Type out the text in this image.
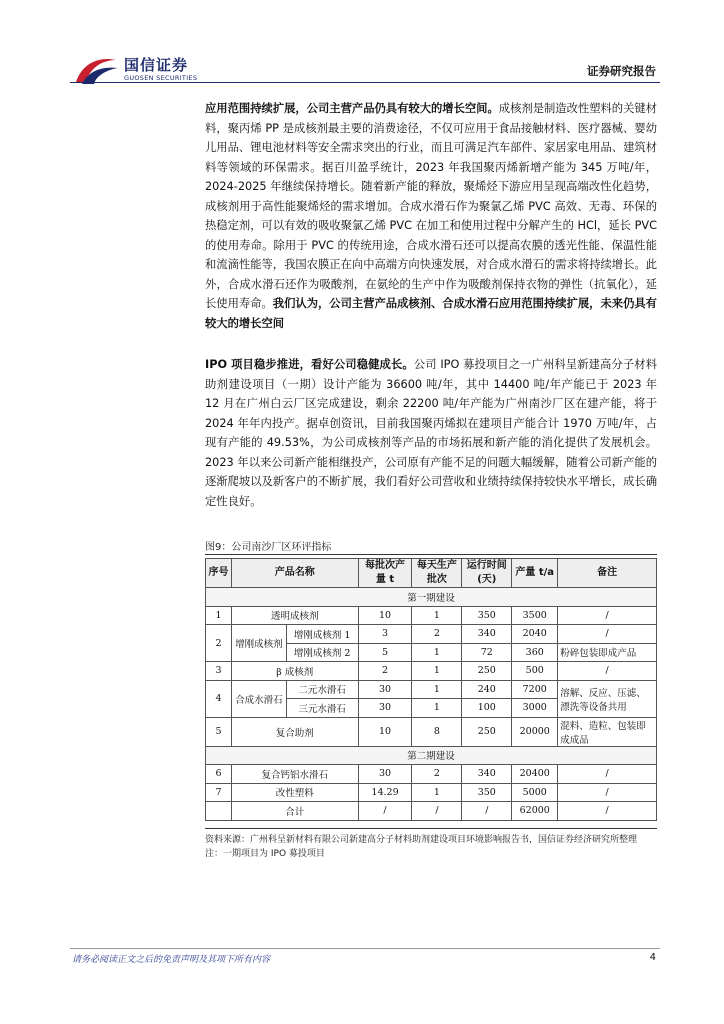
国信证券
GUOSEN SECURITIES	证券研究报告
应用范围持续扩展，公司主营产品仍具有较大的增长空间。成核剂是制造改性塑料的关键材料，聚丙烯 PP 是成核剂最主要的消费途径，不仅可应用于食品接触材料、医疗器械、婴幼儿用品、锂电池材料等安全需求突出的行业，而且可满足汽车部件、家居家电用品、建筑材料等领域的环保需求。据百川盈孚统计，2023 年我国聚丙烯新增产能为 345 万吨/年，2024-2025 年继续保持增长。随着新产能的释放，聚烯烃下游应用呈现高端改性化趋势，成核剂用于高性能聚烯烃的需求增加。合成水滑石作为聚氯乙烯 PVC 高效、无毒、环保的热稳定剂，可以有效的吸收聚氯乙烯 PVC 在加工和使用过程中分解产生的 HCl，延长 PVC 的使用寿命。除用于 PVC 的传统用途，合成水滑石还可以提高农膜的透光性能、保温性能和流滴性能等，我国农膜正在向中高端方向快速发展，对合成水滑石的需求将持续增长。此外，合成水滑石还作为吸酸剂，在氨纶的生产中作为吸酸剂保持衣物的弹性（抗氧化），延长使用寿命。我们认为，公司主营产品成核剂、合成水滑石应用范围持续扩展，未来仍具有较大的增长空间
IPO 项目稳步推进，看好公司稳健成长。公司 IPO 募投项目之一广州科呈新建高分子材料助剂建设项目（一期）设计产能为 36600 吨/年，其中 14400 吨/年产能已于 2023 年 12 月在广州白云厂区完成建设，剩余 22200 吨/年产能为广州南沙厂区在建产能，将于 2024 年年内投产。据卓创资讯，目前我国聚丙烯拟在建项目产能合计 1970 万吨/年，占现有产能的 49.53%，为公司成核剂等产品的市场拓展和新产能的消化提供了发展机会。2023 年以来公司新产能相继投产，公司原有产能不足的问题大幅缓解，随着公司新产能的逐渐爬坡以及新客户的不断扩展，我们看好公司营收和业绩持续保持较快水平增长，成长确定性良好。
图9：公司南沙厂区环评指标
序号	产品名称		每批次产量 t	每天生产批次	运行时间(天)	产量 t/a	备注
第一期建设							
1	透明成核剂		10	1	350	3500	/
2	增刚成核剂	增刚成核剂 1	3	2	340	2040	/
		增刚成核剂 2	5	1	72	360	粉碎包装即成产品
3	β 成核剂		2	1	250	500	/
4	合成水滑石	二元水滑石	30	1	240	7200	溶解、反应、压滤、漂洗等设备共用
		三元水滑石	30	1	100	3000	
5	复合助剂		10	8	250	20000	混料、造粒、包装即成成品
第二期建设							
6	复合钙铝水滑石		30	2	340	20400	/
7	改性塑料		14.29	1	350	5000	/
	合计		/	/	/	62000	/
资料来源：广州科呈新材料有限公司新建高分子材料助剂建设项目环境影响报告书，国信证券经济研究所整理
注：一期项目为 IPO 募投项目
请务必阅读正文之后的免责声明及其项下所有内容	4
